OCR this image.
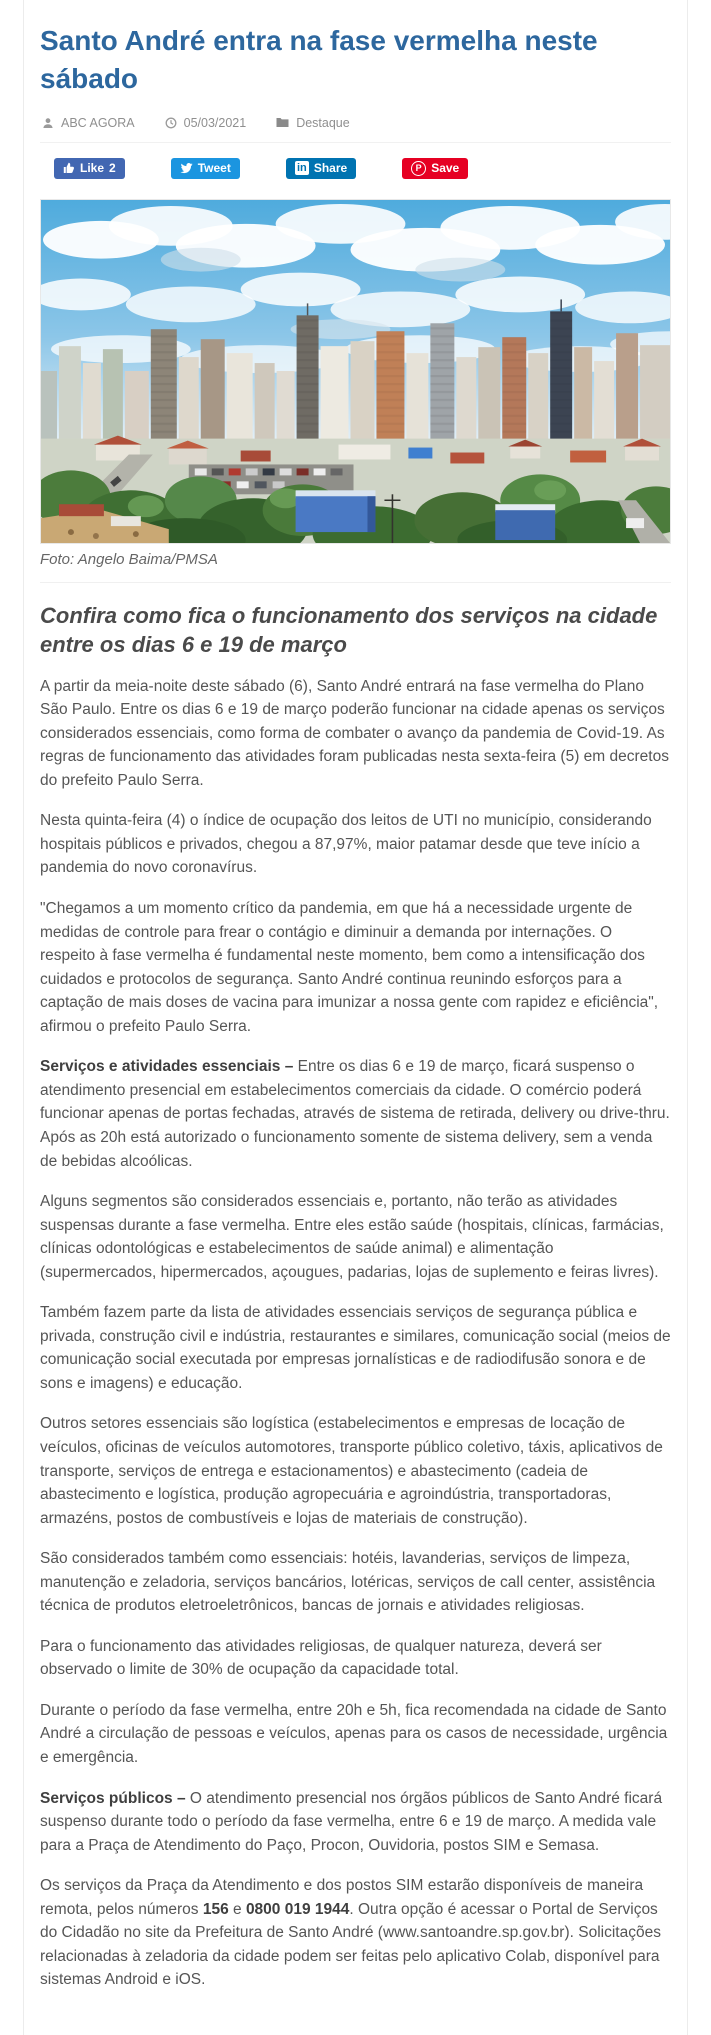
Santo André entra na fase vermelha neste sábado
ABC AGORA	05/03/2021	Destaque
Like 2	Tweet	in Share	P Save
Foto: Angelo Baima/PMSA
Confira como fica o funcionamento dos serviços na cidade entre os dias 6 e 19 de março

A partir da meia-noite deste sábado (6), Santo André entrará na fase vermelha do Plano São Paulo. Entre os dias 6 e 19 de março poderão funcionar na cidade apenas os serviços considerados essenciais, como forma de combater o avanço da pandemia de Covid-19. As regras de funcionamento das atividades foram publicadas nesta sexta-feira (5) em decretos do prefeito Paulo Serra.

Nesta quinta-feira (4) o índice de ocupação dos leitos de UTI no município, considerando hospitais públicos e privados, chegou a 87,97%, maior patamar desde que teve início a pandemia do novo coronavírus.

"Chegamos a um momento crítico da pandemia, em que há a necessidade urgente de medidas de controle para frear o contágio e diminuir a demanda por internações. O respeito à fase vermelha é fundamental neste momento, bem como a intensificação dos cuidados e protocolos de segurança. Santo André continua reunindo esforços para a captação de mais doses de vacina para imunizar a nossa gente com rapidez e eficiência", afirmou o prefeito Paulo Serra.

Serviços e atividades essenciais – Entre os dias 6 e 19 de março, ficará suspenso o atendimento presencial em estabelecimentos comerciais da cidade. O comércio poderá funcionar apenas de portas fechadas, através de sistema de retirada, delivery ou drive-thru. Após as 20h está autorizado o funcionamento somente de sistema delivery, sem a venda de bebidas alcoólicas.

Alguns segmentos são considerados essenciais e, portanto, não terão as atividades suspensas durante a fase vermelha. Entre eles estão saúde (hospitais, clínicas, farmácias, clínicas odontológicas e estabelecimentos de saúde animal) e alimentação (supermercados, hipermercados, açougues, padarias, lojas de suplemento e feiras livres).

Também fazem parte da lista de atividades essenciais serviços de segurança pública e privada, construção civil e indústria, restaurantes e similares, comunicação social (meios de comunicação social executada por empresas jornalísticas e de radiodifusão sonora e de sons e imagens) e educação.

Outros setores essenciais são logística (estabelecimentos e empresas de locação de veículos, oficinas de veículos automotores, transporte público coletivo, táxis, aplicativos de transporte, serviços de entrega e estacionamentos) e abastecimento (cadeia de abastecimento e logística, produção agropecuária e agroindústria, transportadoras, armazéns, postos de combustíveis e lojas de materiais de construção).

São considerados também como essenciais: hotéis, lavanderias, serviços de limpeza, manutenção e zeladoria, serviços bancários, lotéricas, serviços de call center, assistência técnica de produtos eletroeletrônicos, bancas de jornais e atividades religiosas.

Para o funcionamento das atividades religiosas, de qualquer natureza, deverá ser observado o limite de 30% de ocupação da capacidade total.

Durante o período da fase vermelha, entre 20h e 5h, fica recomendada na cidade de Santo André a circulação de pessoas e veículos, apenas para os casos de necessidade, urgência e emergência.

Serviços públicos – O atendimento presencial nos órgãos públicos de Santo André ficará suspenso durante todo o período da fase vermelha, entre 6 e 19 de março. A medida vale para a Praça de Atendimento do Paço, Procon, Ouvidoria, postos SIM e Semasa.

Os serviços da Praça da Atendimento e dos postos SIM estarão disponíveis de maneira remota, pelos números 156 e 0800 019 1944. Outra opção é acessar o Portal de Serviços do Cidadão no site da Prefeitura de Santo André (www.santoandre.sp.gov.br). Solicitações relacionadas à zeladoria da cidade podem ser feitas pelo aplicativo Colab, disponível para sistemas Android e iOS.
